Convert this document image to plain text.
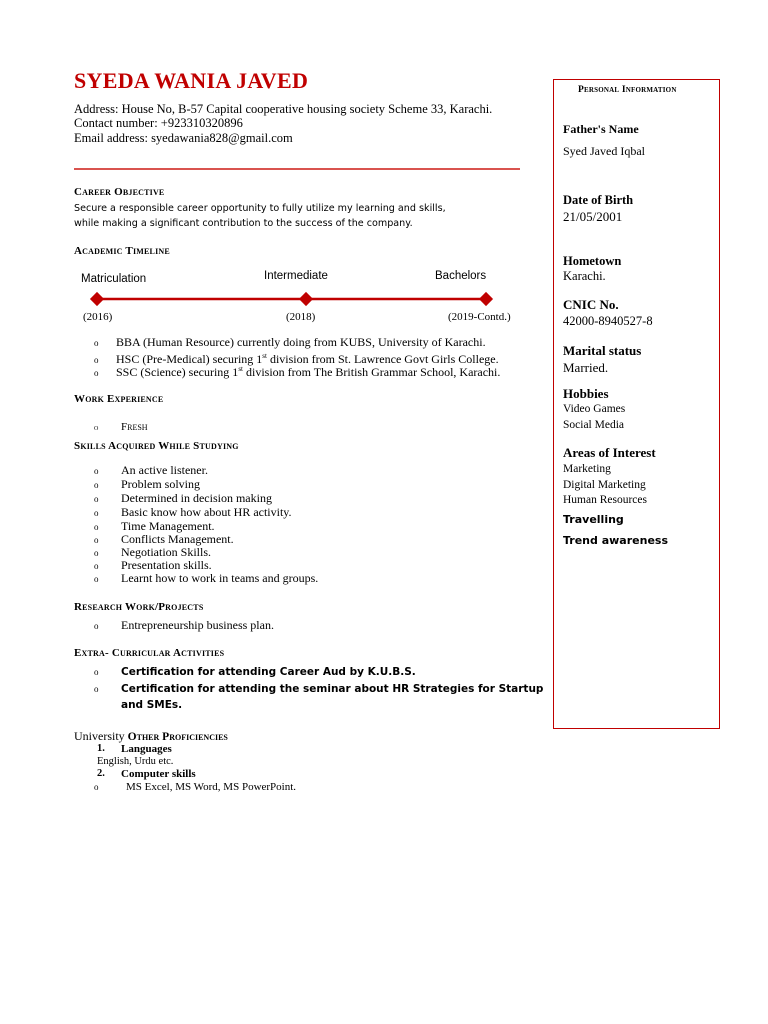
SYEDA WANIA JAVED
Address: House No, B-57 Capital cooperative housing society Scheme 33, Karachi.
Contact number: +923310320896
Email address: syedawania828@gmail.com
Career Objective
Secure a responsible career opportunity to fully utilize my learning and skills,
while making a significant contribution to the success of the company.
Academic Timeline
Matriculation	Intermediate	Bachelors
(2016)	(2018)	(2019-Contd.)
o BBA (Human Resource) currently doing from KUBS, University of Karachi.
o HSC (Pre-Medical) securing 1st division from St. Lawrence Govt Girls College.
o SSC (Science) securing 1st division from The British Grammar School, Karachi.
Work Experience
o Fresh
Skills Acquired While Studying
o An active listener.
o Problem solving
o Determined in decision making
o Basic know how about HR activity.
o Time Management.
o Conflicts Management.
o Negotiation Skills.
o Presentation skills.
o Learnt how to work in teams and groups.
Research Work/Projects
o Entrepreneurship business plan.
Extra- Curricular Activities
o Certification for attending Career Aud by K.U.B.S.
o Certification for attending the seminar about HR Strategies for Startup
and SMEs.
University Other Proficiencies
1. Languages
English, Urdu etc.
2. Computer skills
o	MS Excel, MS Word, MS PowerPoint.
Personal Information
Father's Name
Syed Javed Iqbal
Date of Birth
21/05/2001
Hometown
Karachi.
CNIC No.
42000-8940527-8
Marital status
Married.
Hobbies
Video Games
Social Media
Areas of Interest
Marketing
Digital Marketing
Human Resources
Travelling
Trend awareness
